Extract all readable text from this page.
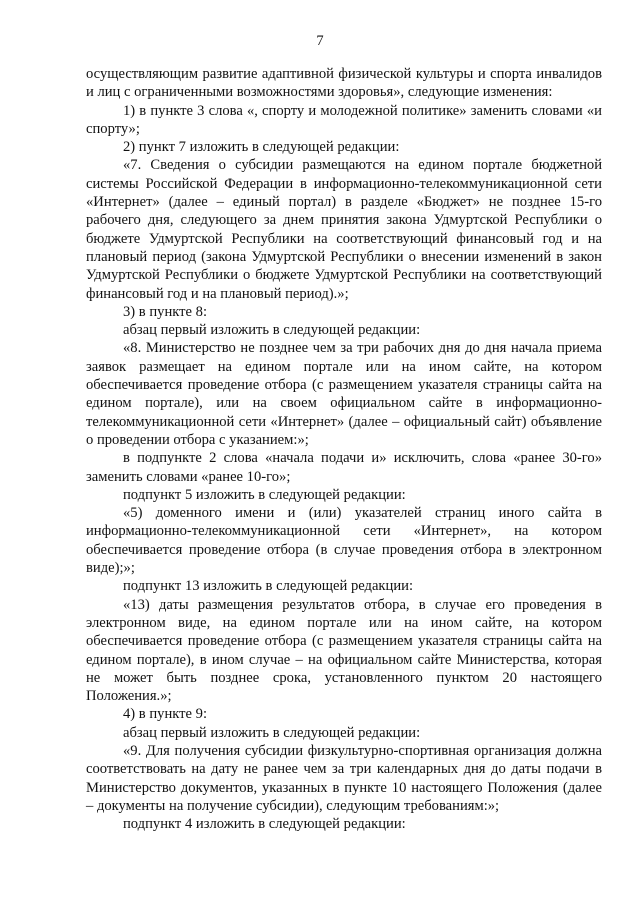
7

осуществляющим развитие адаптивной физической культуры и спорта инвалидов и лиц с ограниченными возможностями здоровья», следующие изменения:

1) в пункте 3 слова «, спорту и молодежной политике» заменить словами «и спорту»;

2) пункт 7 изложить в следующей редакции:

«7. Сведения о субсидии размещаются на едином портале бюджетной системы Российской Федерации в информационно-телекоммуникационной сети «Интернет» (далее – единый портал) в разделе «Бюджет» не позднее 15-го рабочего дня, следующего за днем принятия закона Удмуртской Республики о бюджете Удмуртской Республики на соответствующий финансовый год и на плановый период (закона Удмуртской Республики о внесении изменений в закон Удмуртской Республики о бюджете Удмуртской Республики на соответствующий финансовый год и на плановый период).»;

3) в пункте 8:

абзац первый изложить в следующей редакции:

«8. Министерство не позднее чем за три рабочих дня до дня начала приема заявок размещает на едином портале или на ином сайте, на котором обеспечивается проведение отбора (с размещением указателя страницы сайта на едином портале), или на своем официальном сайте в информационно-телекоммуникационной сети «Интернет» (далее – официальный сайт) объявление о проведении отбора с указанием:»;

в подпункте 2 слова «начала подачи и» исключить, слова «ранее 30-го» заменить словами «ранее 10-го»;

подпункт 5 изложить в следующей редакции:

«5) доменного имени и (или) указателей страниц иного сайта в информационно-телекоммуникационной сети «Интернет», на котором обеспечивается проведение отбора (в случае проведения отбора в электронном виде);»;

подпункт 13 изложить в следующей редакции:

«13) даты размещения результатов отбора, в случае его проведения в электронном виде, на едином портале или на ином сайте, на котором обеспечивается проведение отбора (с размещением указателя страницы сайта на едином портале), в ином случае – на официальном сайте Министерства, которая не может быть позднее срока, установленного пунктом 20 настоящего Положения.»;

4) в пункте 9:

абзац первый изложить в следующей редакции:

«9. Для получения субсидии физкультурно-спортивная организация должна соответствовать на дату не ранее чем за три календарных дня до даты подачи в Министерство документов, указанных в пункте 10 настоящего Положения (далее – документы на получение субсидии), следующим требованиям:»;

подпункт 4 изложить в следующей редакции:
